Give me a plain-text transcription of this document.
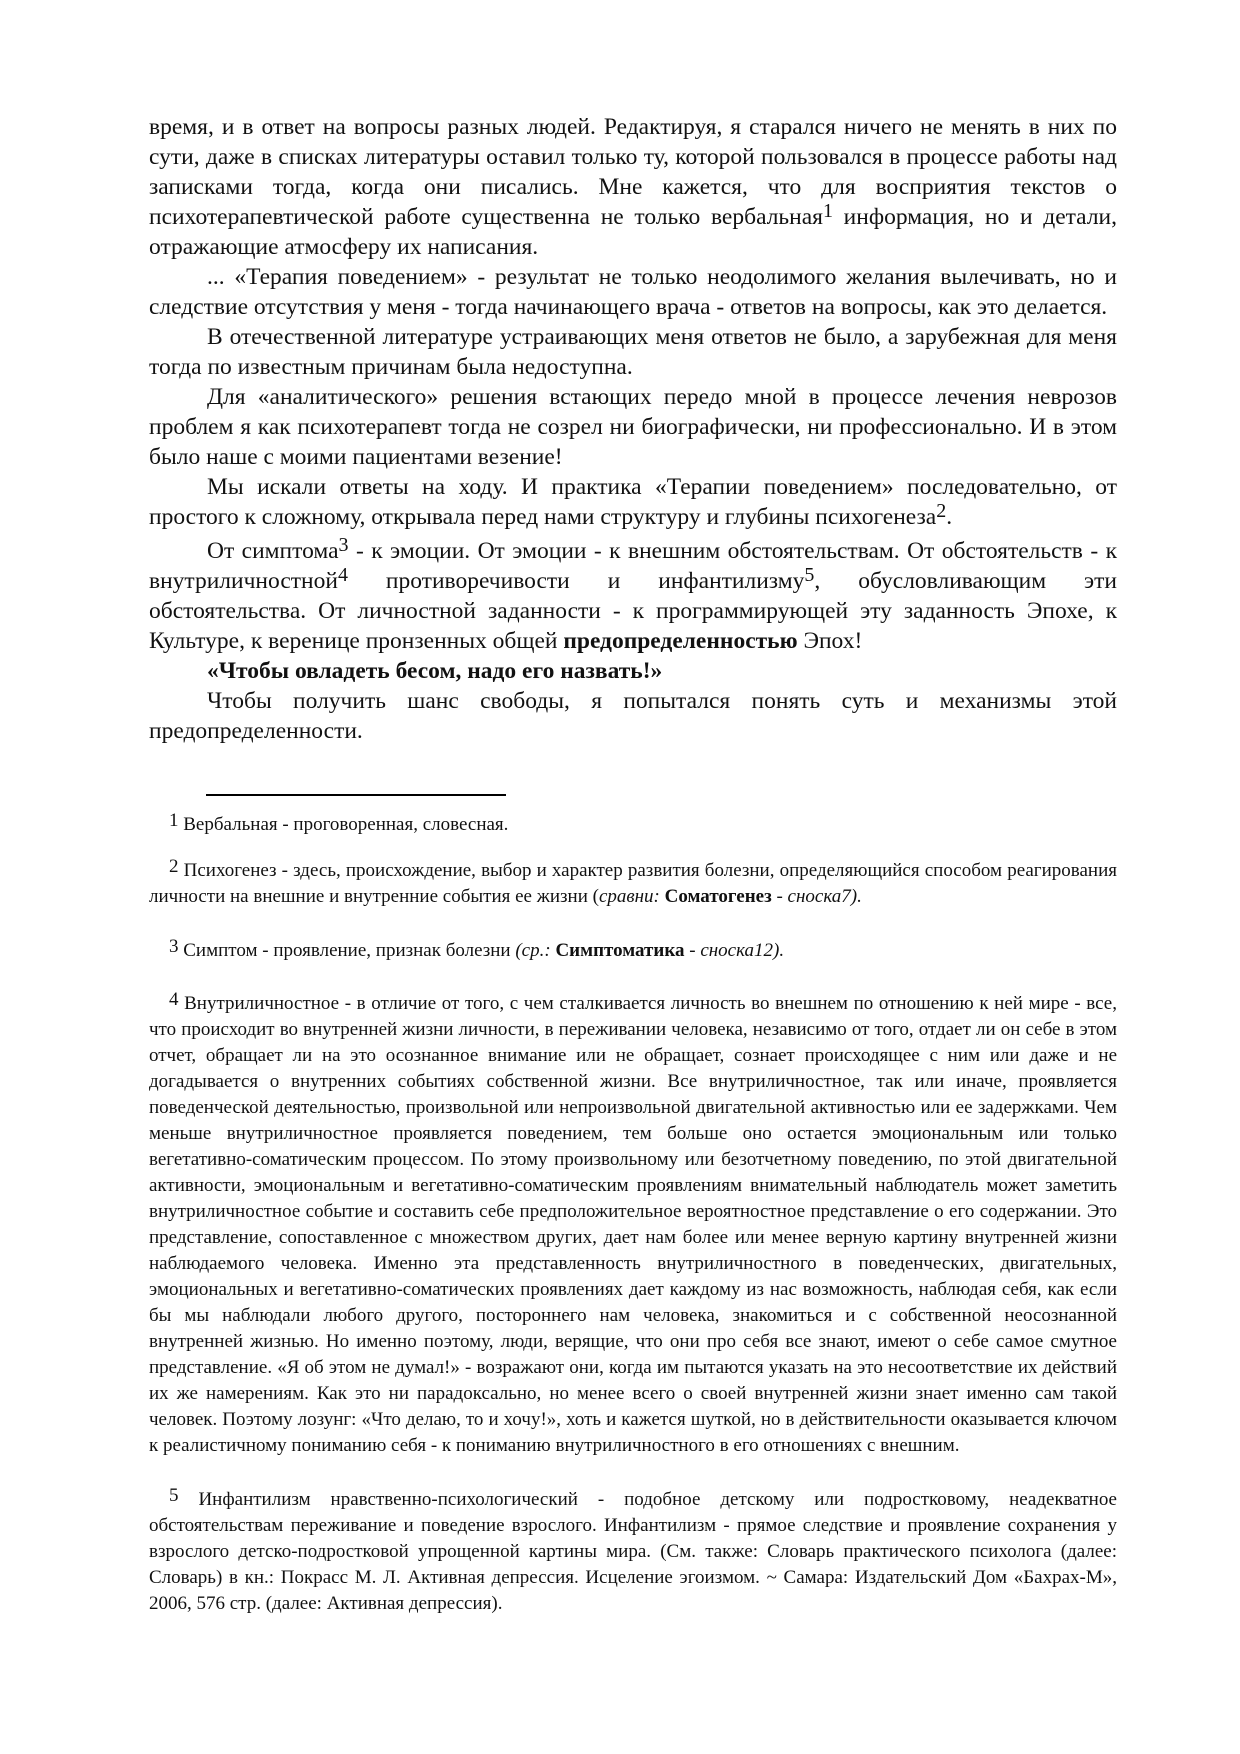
время, и в ответ на вопросы разных людей. Редактируя, я старался ничего не менять в них по сути, даже в списках литературы оставил только ту, которой пользовался в процессе работы над записками тогда, когда они писались. Мне кажется, что для восприятия текстов о психотерапевтической работе существенна не только вербальная$^1$ информация, но и детали, отражающие атмосферу их написания.

... «Терапия поведением» - результат не только неодолимого желания вылечивать, но и следствие отсутствия у меня - тогда начинающего врача - ответов на вопросы, как это делается.

В отечественной литературе устраивающих меня ответов не было, а зарубежная для меня тогда по известным причинам была недоступна.

Для «аналитического» решения встающих передо мной в процессе лечения неврозов проблем я как психотерапевт тогда не созрел ни биографически, ни профессионально. И в этом было наше с моими пациентами везение!

Мы искали ответы на ходу. И практика «Терапии поведением» последовательно, от простого к сложному, открывала перед нами структуру и глубины психогенеза$^2$.

От симптома$^3$ - к эмоции. От эмоции - к внешним обстоятельствам. От обстоятельств - к внутриличностной$^4$ противоречивости и инфантилизму$^5$, обусловливающим эти обстоятельства. От личностной заданности - к программирующей эту заданность Эпохе, к Культуре, к веренице пронзенных общей предопределенностью Эпох!

«Чтобы овладеть бесом, надо его назвать!»

Чтобы получить шанс свободы, я попытался понять суть и механизмы этой предопределенности.

1 Вербальная - проговоренная, словесная.

2 Психогенез - здесь, происхождение, выбор и характер развития болезни, определяющийся способом реагирования личности на внешние и внутренние события ее жизни (сравни: Соматогенез - сноска7).

3 Симптом - проявление, признак болезни (ср.: Симптоматика - сноска12).

4 Внутриличностное - в отличие от того, с чем сталкивается личность во внешнем по отношению к ней мире - все, что происходит во внутренней жизни личности, в переживании человека, независимо от того, отдает ли он себе в этом отчет, обращает ли на это осознанное внимание или не обращает, сознает происходящее с ним или даже и не догадывается о внутренних событиях собственной жизни. Все внутриличностное, так или иначе, проявляется поведенческой деятельностью, произвольной или непроизвольной двигательной активностью или ее задержками. Чем меньше внутриличностное проявляется поведением, тем больше оно остается эмоциональным или только вегетативно-соматическим процессом. По этому произвольному или безотчетному поведению, по этой двигательной активности, эмоциональным и вегетативно-соматическим проявлениям внимательный наблюдатель может заметить внутриличностное событие и составить себе предположительное вероятностное представление о его содержании. Это представление, сопоставленное с множеством других, дает нам более или менее верную картину внутренней жизни наблюдаемого человека. Именно эта представленность внутриличностного в поведенческих, двигательных, эмоциональных и вегетативно-соматических проявлениях дает каждому из нас возможность, наблюдая себя, как если бы мы наблюдали любого другого, постороннего нам человека, знакомиться и с собственной неосознанной внутренней жизнью. Но именно поэтому, люди, верящие, что они про себя все знают, имеют о себе самое смутное представление. «Я об этом не думал!» - возражают они, когда им пытаются указать на это несоответствие их действий их же намерениям. Как это ни парадоксально, но менее всего о своей внутренней жизни знает именно сам такой человек. Поэтому лозунг: «Что делаю, то и хочу!», хоть и кажется шуткой, но в действительности оказывается ключом к реалистичному пониманию себя - к пониманию внутриличностного в его отношениях с внешним.

5 Инфантилизм нравственно-психологический - подобное детскому или подростковому, неадекватное обстоятельствам переживание и поведение взрослого. Инфантилизм - прямое следствие и проявление сохранения у взрослого детско-подростковой упрощенной картины мира. (См. также: Словарь практического психолога (далее: Словарь) в кн.: Покрасс М. Л. Активная депрессия. Исцеление эгоизмом. ~ Самара: Издательский Дом «Бахрах-М», 2006, 576 стр. (далее: Активная депрессия).
